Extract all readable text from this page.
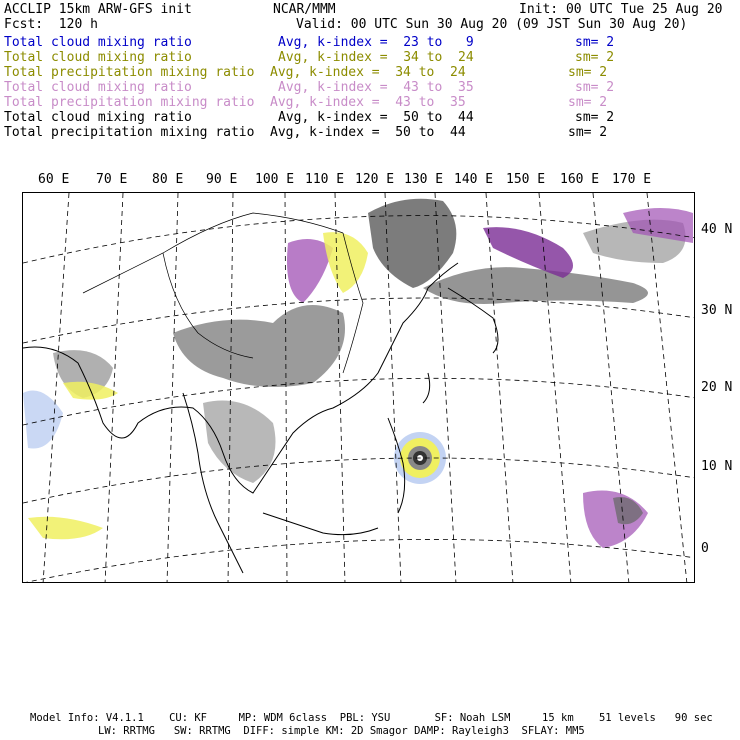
ACCLIP 15km ARW-GFS init	NCAR/MMM	Init: 00 UTC Tue 25 Aug 20
Fcst:  120 h	Valid: 00 UTC Sun 30 Aug 20 (09 JST Sun 30 Aug 20)
Total cloud mixing ratio	Avg, k-index =  23 to   9	sm= 2
Total cloud mixing ratio	Avg, k-index =  34 to  24	sm= 2
Total precipitation mixing ratio Avg, k-index =  34 to  24	sm= 2
Total cloud mixing ratio	Avg, k-index =  43 to  35	sm= 2
Total precipitation mixing ratio Avg, k-index =  43 to  35	sm= 2
Total cloud mixing ratio	Avg, k-index =  50 to  44	sm= 2
Total precipitation mixing ratio Avg, k-index =  50 to  44	sm= 2
60 E 70 E 80 E 90 E 100 E 110 E 120 E 130 E 140 E 150 E 160 E 170 E
40 N
30 N
20 N
10 N
0
Model Info: V4.1.1    CU: KF     MP: WDM 6class  PBL: YSU       SF: Noah LSM     15 km    51 levels   90 sec
LW: RRTMG   SW: RRTMG  DIFF: simple KM: 2D Smagor DAMP: Rayleigh3  SFLAY: MM5
